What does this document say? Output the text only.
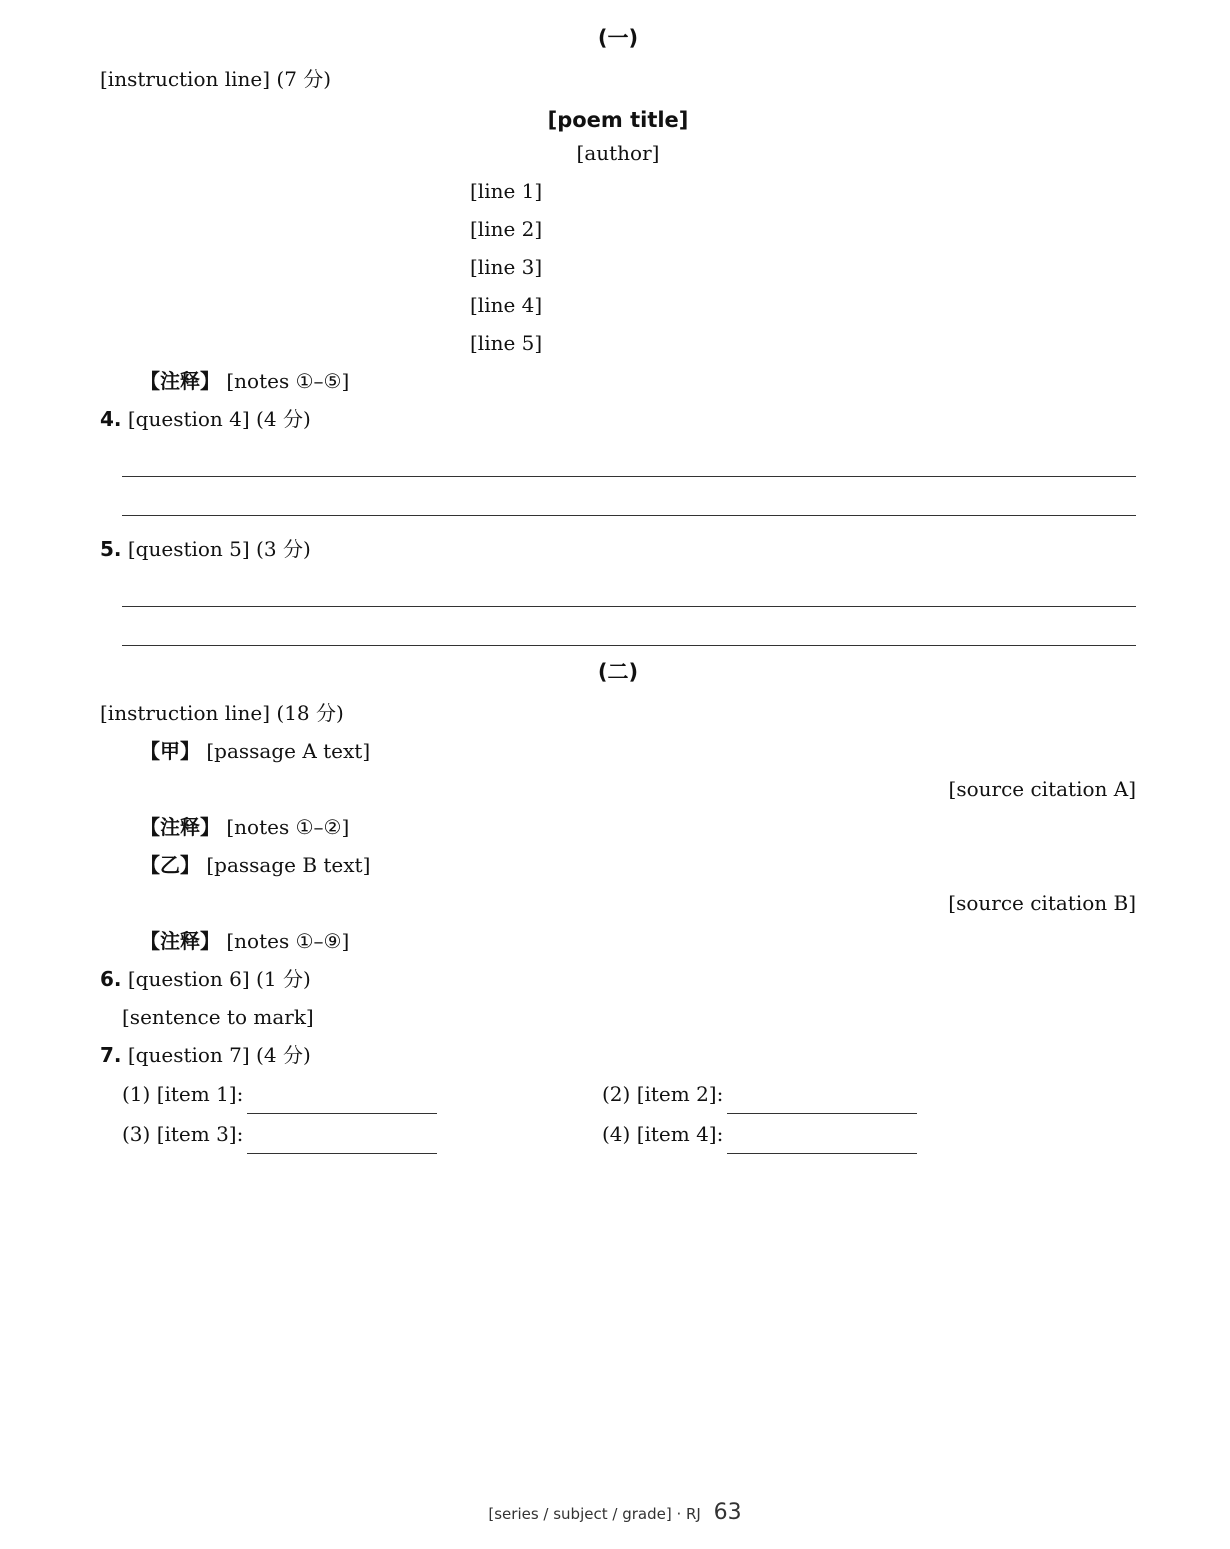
(一)
[instruction line] (7 分)
[poem title]
[author]
[line 1]
[line 2]
[line 3]
[line 4]
[line 5]
【注释】 [notes ①–⑤]
4. [question 4] (4 分)
5. [question 5] (3 分)
(二)
[instruction line] (18 分)
【甲】 [passage A text]
[source citation A]
【注释】 [notes ①–②]
【乙】 [passage B text]
[source citation B]
【注释】 [notes ①–⑨]
6. [question 6] (1 分)
[sentence to mark]
7. [question 7] (4 分)
(1) [item 1]:	(2) [item 2]:
(3) [item 3]:	(4) [item 4]:
[series / subject / grade] · RJ 63
